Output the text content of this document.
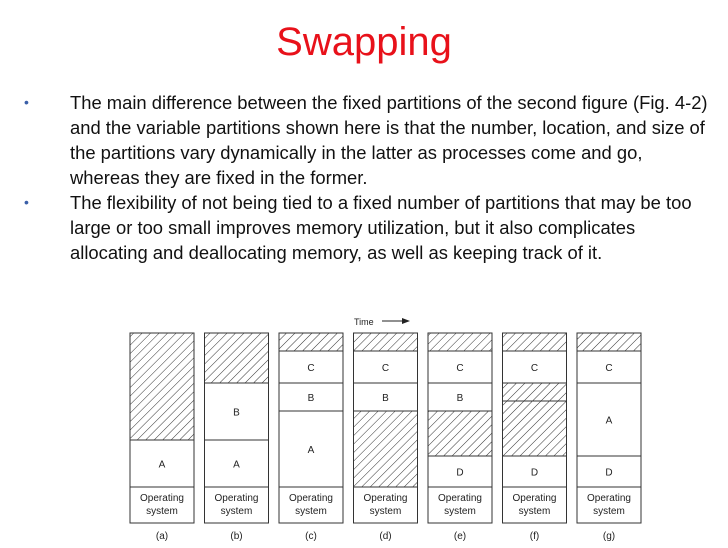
Swapping
• The main difference between the fixed partitions of the second figure (Fig. 4-2) and the variable partitions shown here is that the number, location, and size of the partitions vary dynamically in the latter as processes come and go, whereas they are fixed in the former.
• The flexibility of not being tied to a fixed number of partitions that may be too large or too small improves memory utilization, but it also complicates allocating and deallocating memory, as well as keeping track of it.
Time
A
Operating
system
(a)
B
A
Operating
system
(b)
C
B
A
Operating
system
(c)
C
B
Operating
system
(d)
C
B
D
Operating
system
(e)
C
D
Operating
system
(f)
C
A
D
Operating
system
(g)
